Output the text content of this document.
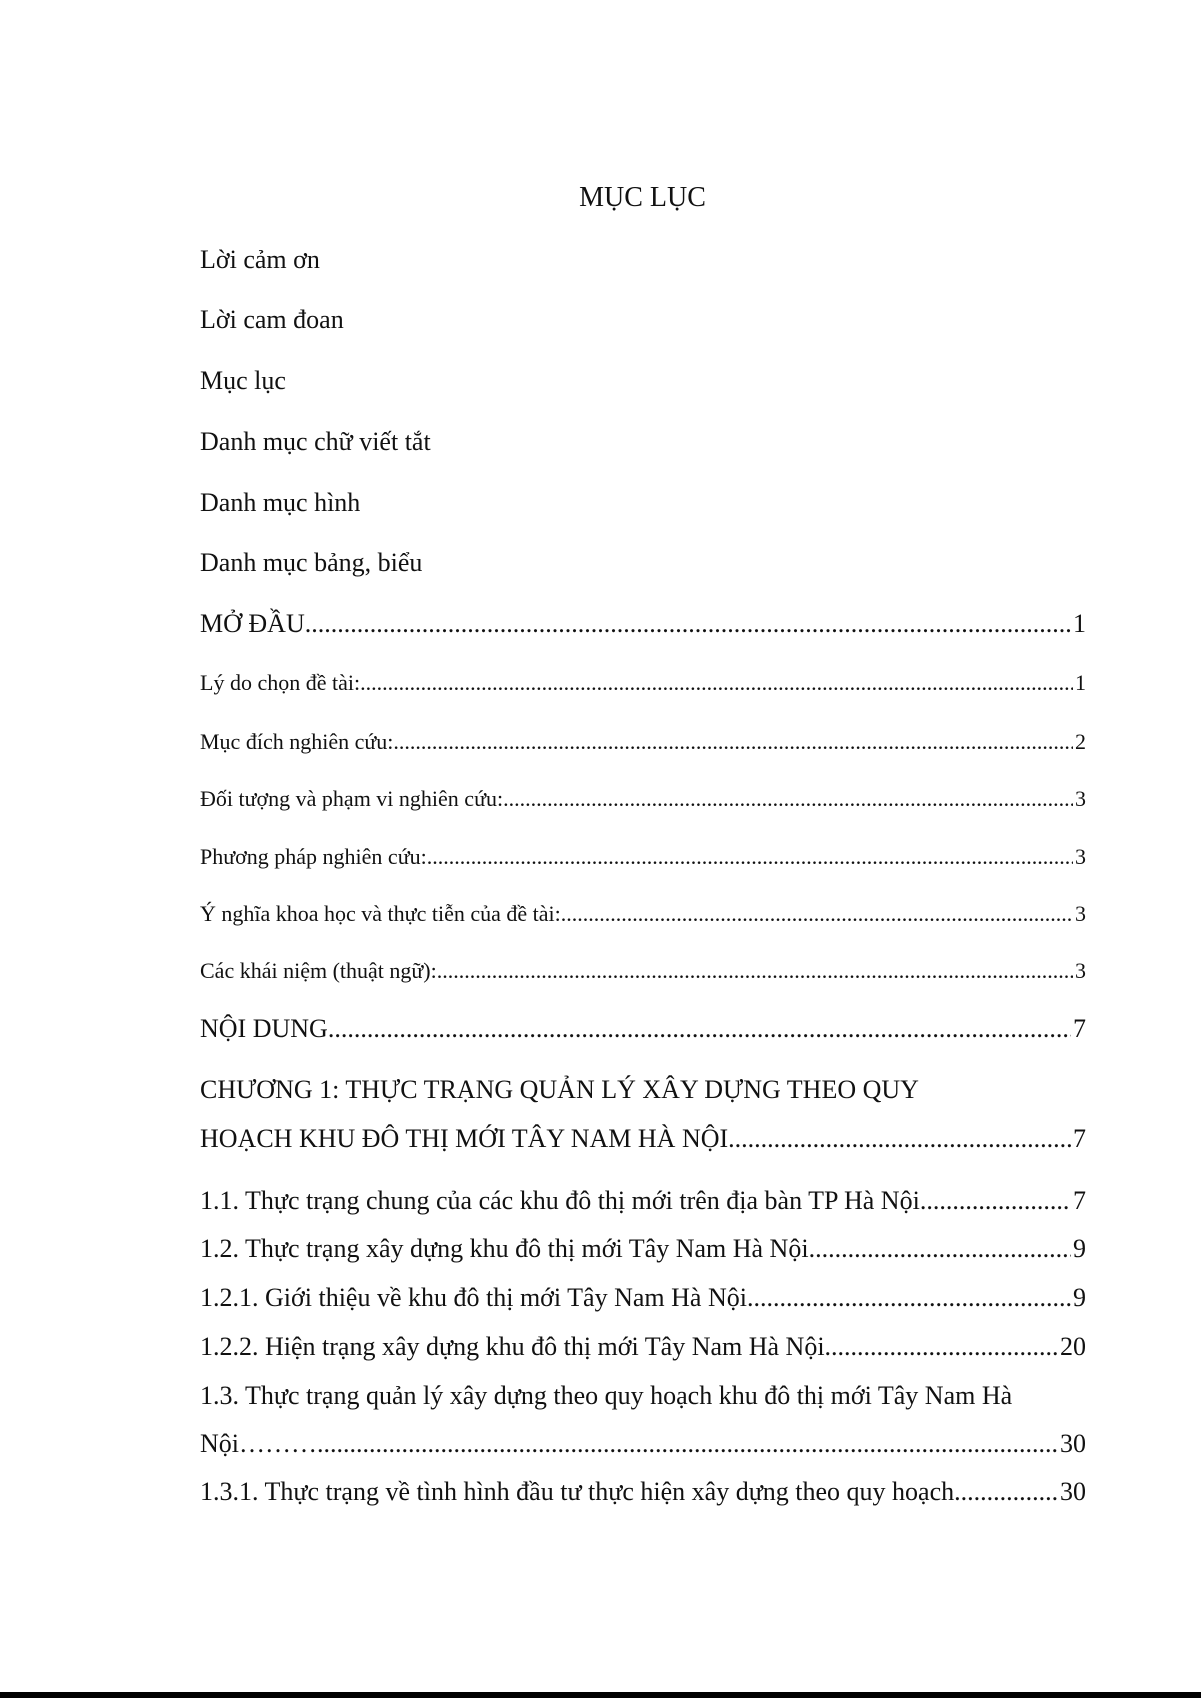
MỤC LỤC
Lời cảm ơn
Lời cam đoan
Mục lục
Danh mục chữ viết tắt
Danh mục hình
Danh mục bảng, biểu
MỞ ĐẦU .....	1
Lý do chọn đề tài: .....	1
Mục đích nghiên cứu: .....	2
Đối tượng và phạm vi nghiên cứu: .....	3
Phương pháp nghiên cứu: .....	3
Ý nghĩa khoa học và thực tiễn của đề tài: .....	3
Các khái niệm (thuật ngữ): .....	3
NỘI DUNG .....	7
CHƯƠNG 1: THỰC TRẠNG QUẢN LÝ XÂY DỰNG THEO QUY
HOẠCH KHU ĐÔ THỊ MỚI TÂY NAM HÀ NỘI .....	7
1.1. Thực trạng chung của các khu đô thị mới trên địa bàn TP Hà Nội .....	7
1.2. Thực trạng xây dựng khu đô thị mới Tây Nam Hà Nội .....	9
1.2.1. Giới thiệu về khu đô thị mới Tây Nam Hà Nội .....	9
1.2.2. Hiện trạng xây dựng khu đô thị mới Tây Nam Hà Nội .....	20
1.3. Thực trạng quản lý xây dựng theo quy hoạch khu đô thị mới Tây Nam Hà
Nội……… .....	30
1.3.1. Thực trạng về tình hình đầu tư thực hiện xây dựng theo quy hoạch .....	30
